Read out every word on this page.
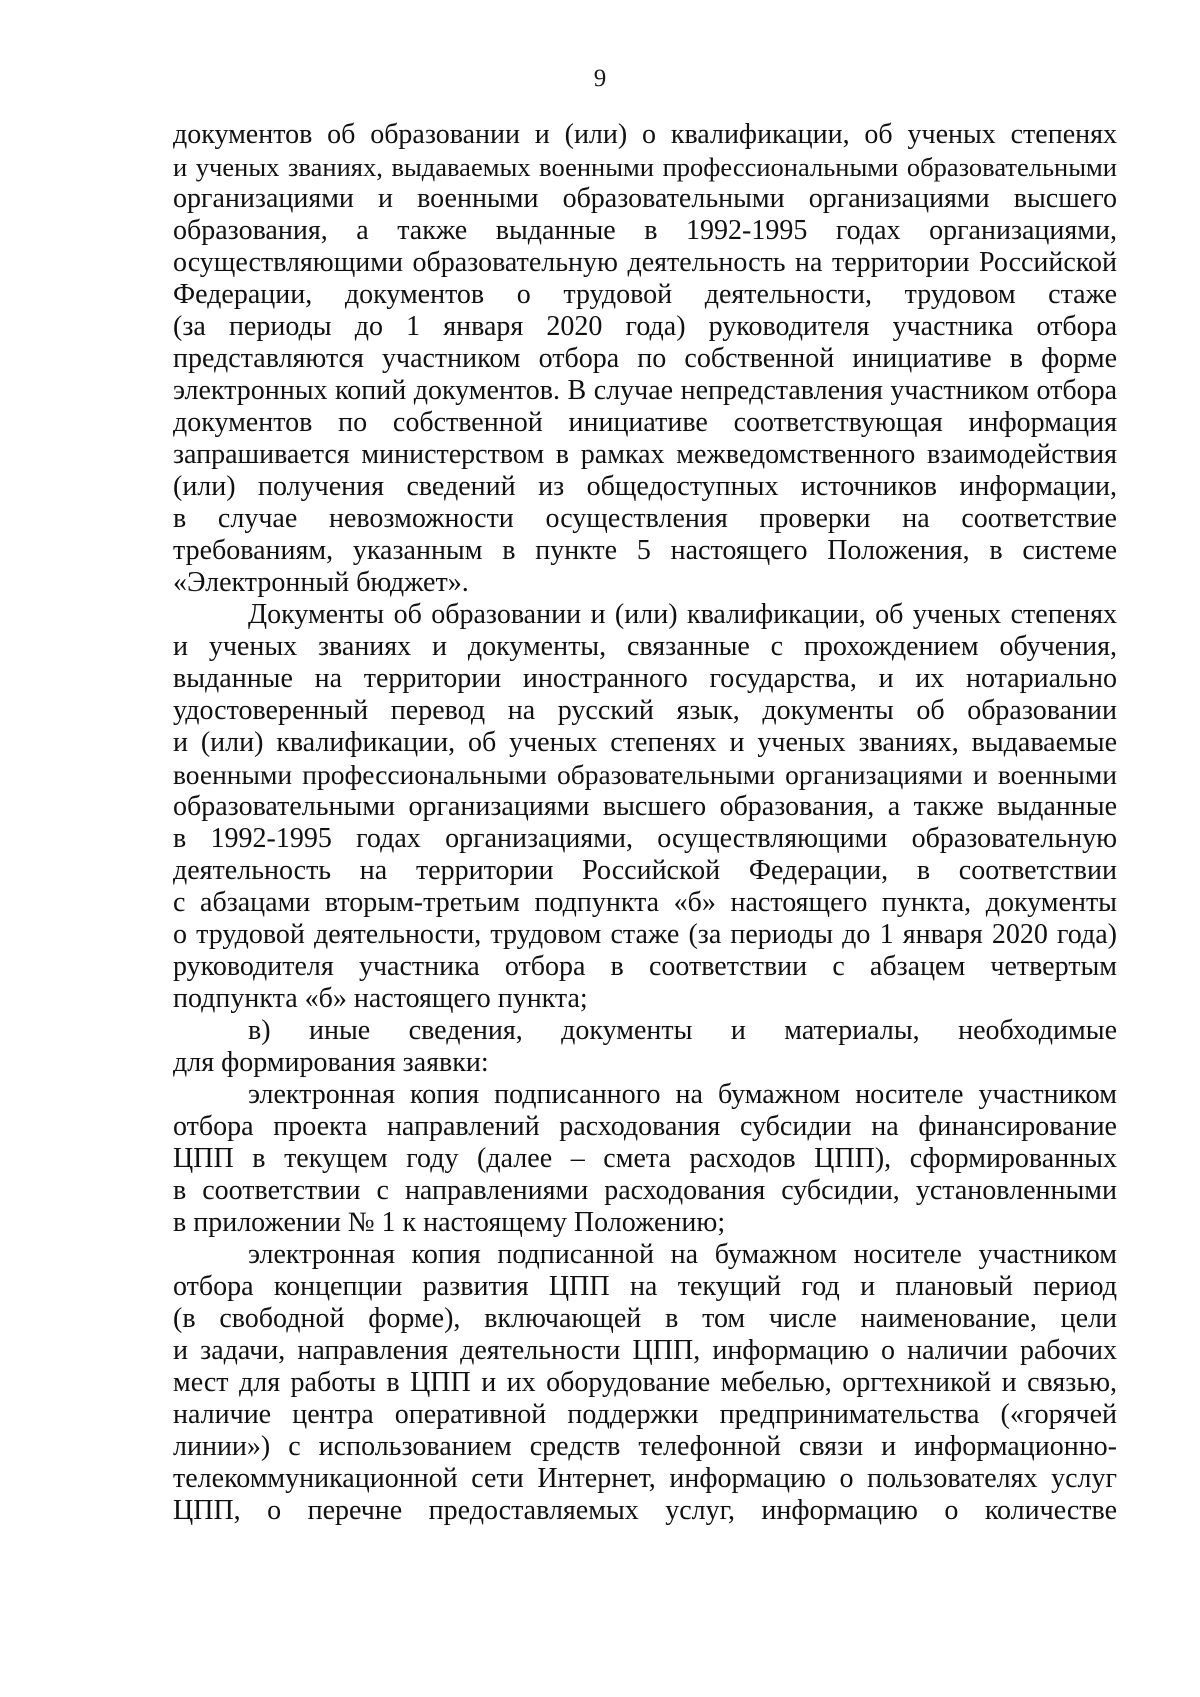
9
документов об образовании и (или) о квалификации, об ученых степенях
и ученых званиях, выдаваемых военными профессиональными образовательными
организациями и военными образовательными организациями высшего
образования, а также выданные в 1992-1995 годах организациями,
осуществляющими образовательную деятельность на территории Российской
Федерации, документов о трудовой деятельности, трудовом стаже
(за периоды до 1 января 2020 года) руководителя участника отбора
представляются участником отбора по собственной инициативе в форме
электронных копий документов. В случае непредставления участником отбора
документов по собственной инициативе соответствующая информация
запрашивается министерством в рамках межведомственного взаимодействия
(или) получения сведений из общедоступных источников информации,
в случае невозможности осуществления проверки на соответствие
требованиям, указанным в пункте 5 настоящего Положения, в системе
«Электронный бюджет».
Документы об образовании и (или) квалификации, об ученых степенях
и ученых званиях и документы, связанные с прохождением обучения,
выданные на территории иностранного государства, и их нотариально
удостоверенный перевод на русский язык, документы об образовании
и (или) квалификации, об ученых степенях и ученых званиях, выдаваемые
военными профессиональными образовательными организациями и военными
образовательными организациями высшего образования, а также выданные
в 1992-1995 годах организациями, осуществляющими образовательную
деятельность на территории Российской Федерации, в соответствии
с абзацами вторым-третьим подпункта «б» настоящего пункта, документы
о трудовой деятельности, трудовом стаже (за периоды до 1 января 2020 года)
руководителя участника отбора в соответствии с абзацем четвертым
подпункта «б» настоящего пункта;
в) иные сведения, документы и материалы, необходимые
для формирования заявки:
электронная копия подписанного на бумажном носителе участником
отбора проекта направлений расходования субсидии на финансирование
ЦПП в текущем году (далее – смета расходов ЦПП), сформированных
в соответствии с направлениями расходования субсидии, установленными
в приложении № 1 к настоящему Положению;
электронная копия подписанной на бумажном носителе участником
отбора концепции развития ЦПП на текущий год и плановый период
(в свободной форме), включающей в том числе наименование, цели
и задачи, направления деятельности ЦПП, информацию о наличии рабочих
мест для работы в ЦПП и их оборудование мебелью, оргтехникой и связью,
наличие центра оперативной поддержки предпринимательства («горячей
линии») с использованием средств телефонной связи и информационно-
телекоммуникационной сети Интернет, информацию о пользователях услуг
ЦПП, о перечне предоставляемых услуг, информацию о количестве
